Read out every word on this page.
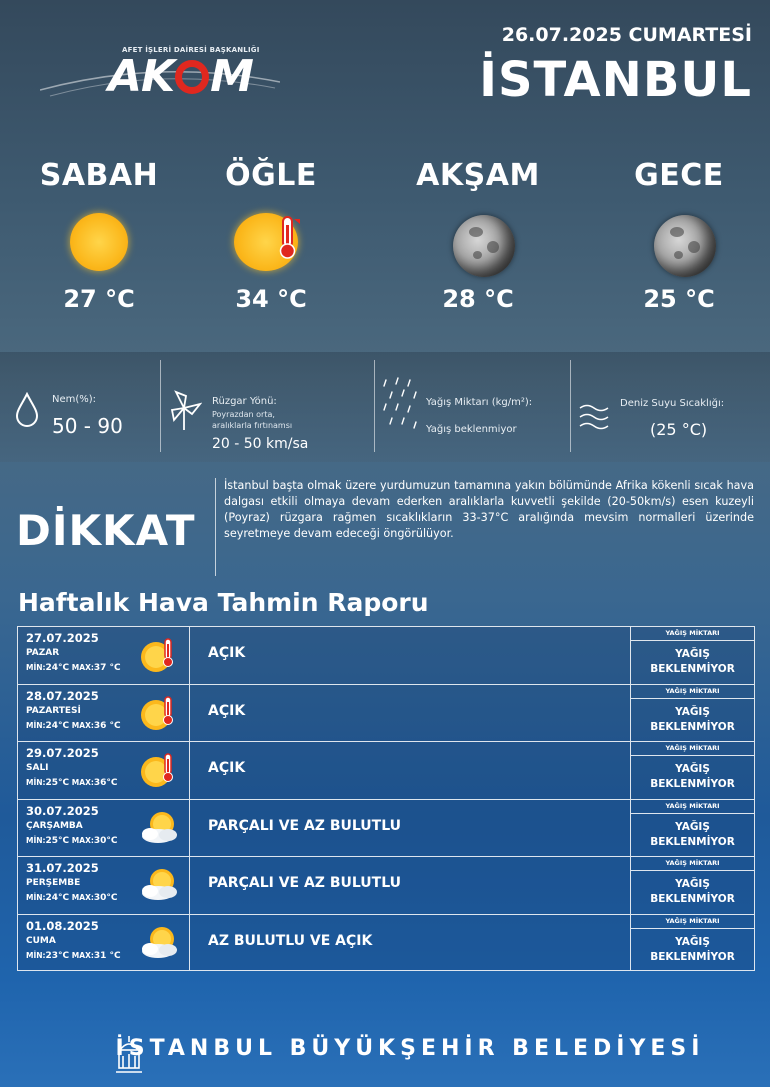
AFET İŞLERİ DAİRESİ BAŞKANLIĞI
AK M
26.07.2025 CUMARTESİ
İSTANBUL
SABAH
27 °C
ÖĞLE
34 °C
AKŞAM
28 °C
GECE
25 °C
Nem(%):
50 - 90
Rüzgar Yönü:
Poyrazdan orta,
aralıklarla fırtınamsı
20 - 50 km/sa
Yağış Miktarı (kg/m²):
Yağış beklenmiyor
Deniz Suyu Sıcaklığı:
(25 °C)
DİKKAT
İstanbul başta olmak üzere yurdumuzun tamamına yakın bölümünde Afrika kökenli sıcak hava dalgası etkili olmaya devam ederken aralıklarla kuvvetli şekilde (20-50km/s) esen kuzeyli (Poyraz) rüzgara rağmen sıcaklıkların 33-37°C aralığında mevsim normalleri üzerinde seyretmeye devam edeceği öngörülüyor.
Haftalık Hava Tahmin Raporu
27.07.2025
PAZAR
MİN:24°C MAX:37 °C
AÇIK
YAĞIŞ MİKTARI
YAĞIŞ BEKLENMİYOR
28.07.2025
PAZARTESİ
MİN:24°C MAX:36 °C
AÇIK
YAĞIŞ MİKTARI
YAĞIŞ BEKLENMİYOR
29.07.2025
SALI
MİN:25°C MAX:36°C
AÇIK
YAĞIŞ MİKTARI
YAĞIŞ BEKLENMİYOR
30.07.2025
ÇARŞAMBA
MİN:25°C MAX:30°C
PARÇALI VE AZ BULUTLU
YAĞIŞ MİKTARI
YAĞIŞ BEKLENMİYOR
31.07.2025
PERŞEMBE
MİN:24°C MAX:30°C
PARÇALI VE AZ BULUTLU
YAĞIŞ MİKTARI
YAĞIŞ BEKLENMİYOR
01.08.2025
CUMA
MİN:23°C MAX:31 °C
AZ BULUTLU VE AÇIK
YAĞIŞ MİKTARI
YAĞIŞ BEKLENMİYOR
İSTANBUL BÜYÜKŞEHİR BELEDİYESİ
